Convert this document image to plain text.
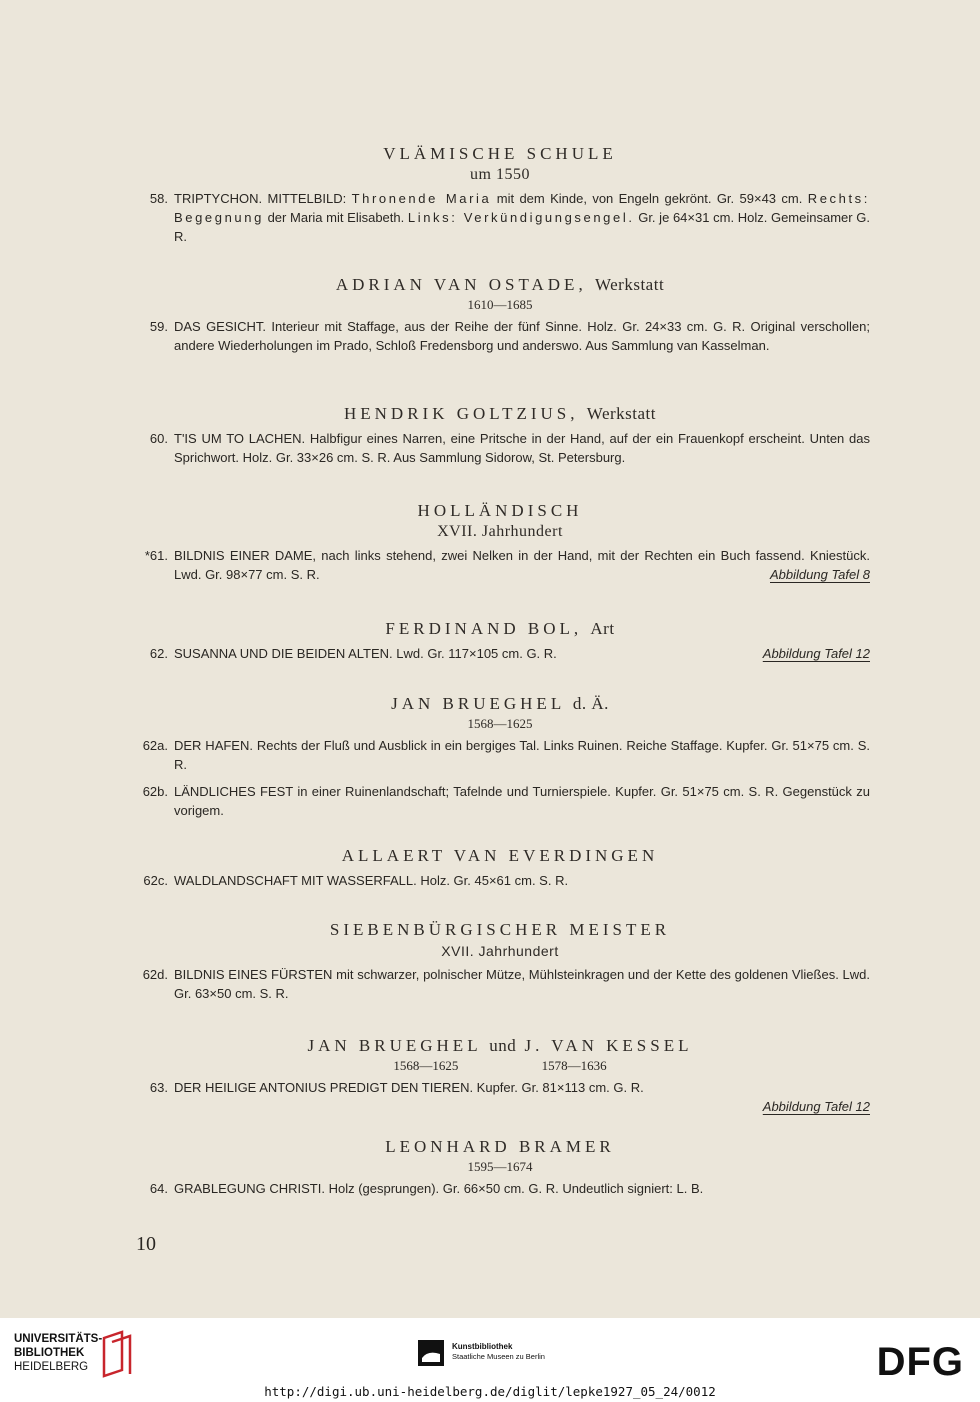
VLÄMISCHE SCHULE
um 1550
58. TRIPTYCHON. MITTELBILD: Thronende Maria mit dem Kinde, von Engeln gekrönt. Gr. 59×43 cm. Rechts: Begegnung der Maria mit Elisabeth. Links: Verkündigungsengel. Gr. je 64×31 cm. Holz. Gemeinsamer G. R.
ADRIAN VAN OSTADE, Werkstatt
1610—1685
59. DAS GESICHT. Interieur mit Staffage, aus der Reihe der fünf Sinne. Holz. Gr. 24×33 cm. G. R. Original verschollen; andere Wiederholungen im Prado, Schloß Fredensborg und anderswo. Aus Sammlung van Kasselman.
HENDRIK GOLTZIUS, Werkstatt
60. T'IS UM TO LACHEN. Halbfigur eines Narren, eine Pritsche in der Hand, auf der ein Frauenkopf erscheint. Unten das Sprichwort. Holz. Gr. 33×26 cm. S. R. Aus Sammlung Sidorow, St. Petersburg.
HOLLÄNDISCH
XVII. Jahrhundert
*61. BILDNIS EINER DAME, nach links stehend, zwei Nelken in der Hand, mit der Rechten ein Buch fassend. Kniestück. Lwd. Gr. 98×77 cm. S. R.	Abbildung Tafel 8
FERDINAND BOL, Art
62. SUSANNA UND DIE BEIDEN ALTEN. Lwd. Gr. 117×105 cm. G. R.	Abbildung Tafel 12
JAN BRUEGHEL d. Ä.
1568—1625
62a. DER HAFEN. Rechts der Fluß und Ausblick in ein bergiges Tal. Links Ruinen. Reiche Staffage. Kupfer. Gr. 51×75 cm. S. R.
62b. LÄNDLICHES FEST in einer Ruinenlandschaft; Tafelnde und Turnierspiele. Kupfer. Gr. 51×75 cm. S. R. Gegenstück zu vorigem.
ALLAERT VAN EVERDINGEN
62c. WALDLANDSCHAFT MIT WASSERFALL. Holz. Gr. 45×61 cm. S. R.
SIEBENBÜRGISCHER MEISTER
XVII. Jahrhundert
62d. BILDNIS EINES FÜRSTEN mit schwarzer, polnischer Mütze, Mühlsteinkragen und der Kette des goldenen Vließes. Lwd. Gr. 63×50 cm. S. R.
JAN BRUEGHEL und J. VAN KESSEL
1568—1625	1578—1636
63. DER HEILIGE ANTONIUS PREDIGT DEN TIEREN. Kupfer. Gr. 81×113 cm. G. R.
Abbildung Tafel 12
LEONHARD BRAMER
1595—1674
64. GRABLEGUNG CHRISTI. Holz (gesprungen). Gr. 66×50 cm. G. R. Undeutlich signiert: L. B.
10
UNIVERSITÄTS-
BIBLIOTHEK
HEIDELBERG
Kunstbibliothek
Staatliche Museen zu Berlin	DFG
http://digi.ub.uni-heidelberg.de/diglit/lepke1927_05_24/0012
